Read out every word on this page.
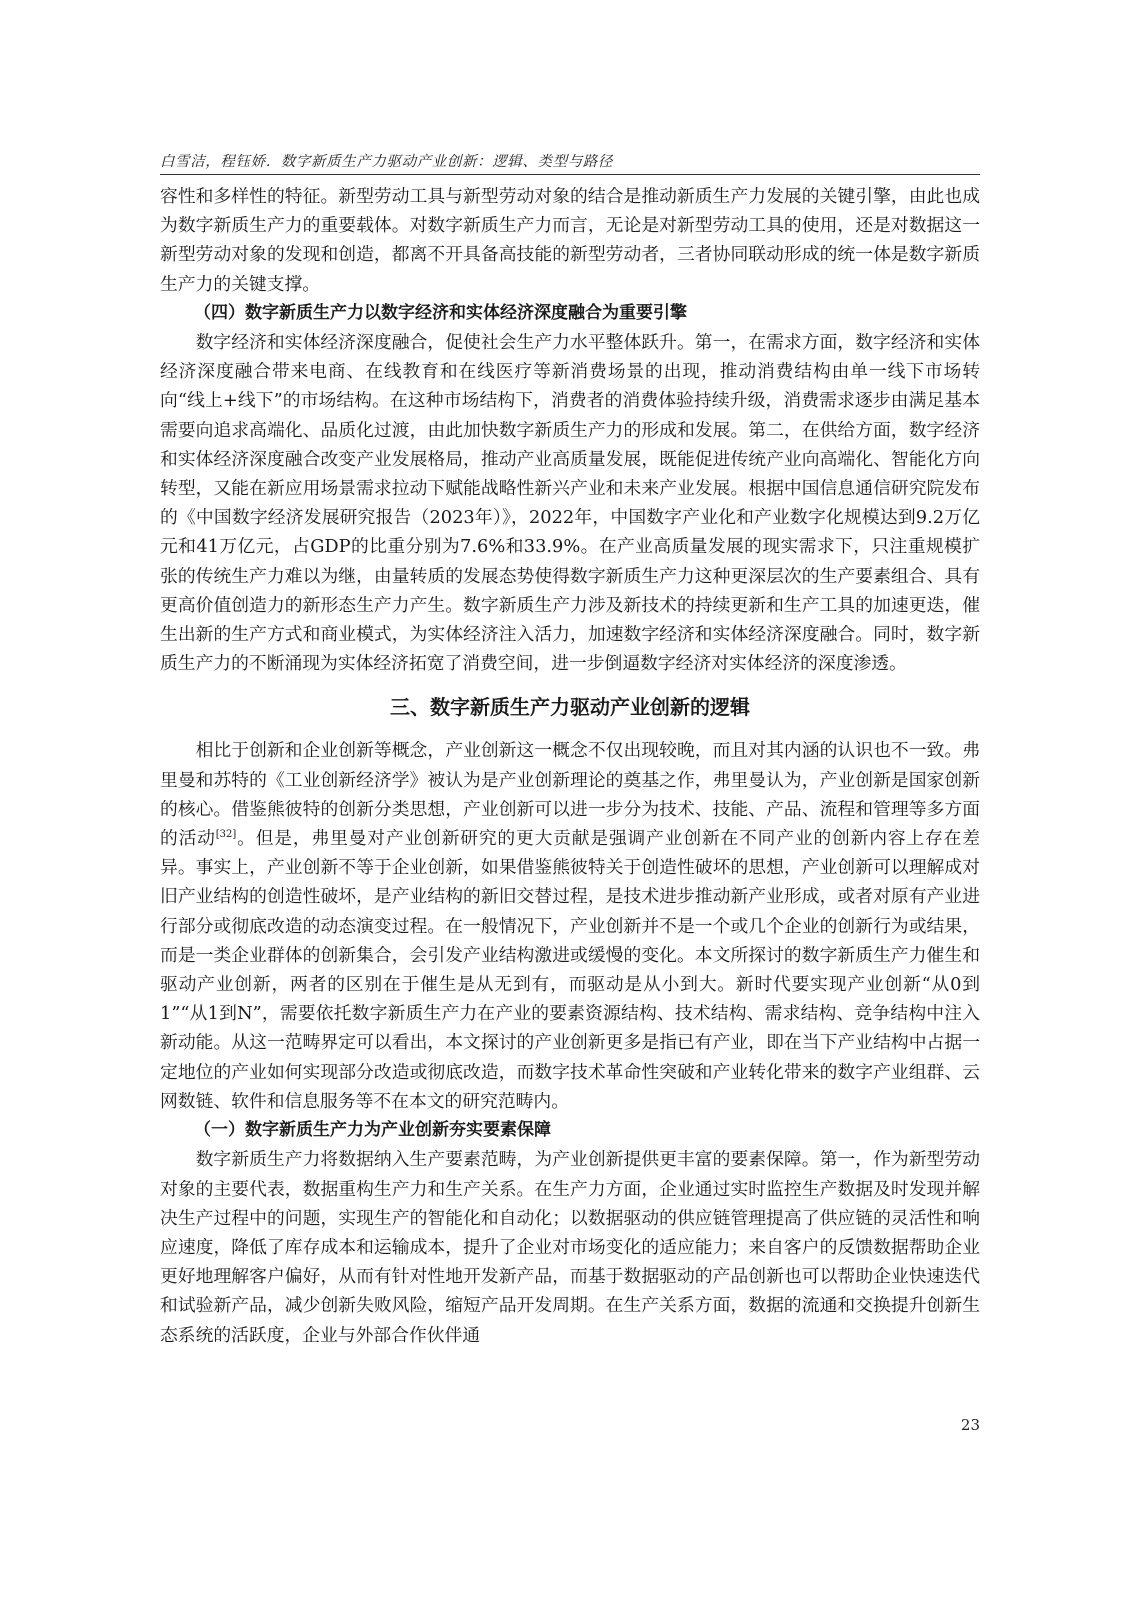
白雪洁，程钰娇．数字新质生产力驱动产业创新：逻辑、类型与路径

容性和多样性的特征。新型劳动工具与新型劳动对象的结合是推动新质生产力发展的关键引擎，由此也成为数字新质生产力的重要载体。对数字新质生产力而言，无论是对新型劳动工具的使用，还是对数据这一新型劳动对象的发现和创造，都离不开具备高技能的新型劳动者，三者协同联动形成的统一体是数字新质生产力的关键支撑。

（四）数字新质生产力以数字经济和实体经济深度融合为重要引擎

数字经济和实体经济深度融合，促使社会生产力水平整体跃升。第一，在需求方面，数字经济和实体经济深度融合带来电商、在线教育和在线医疗等新消费场景的出现，推动消费结构由单一线下市场转向“线上+线下”的市场结构。在这种市场结构下，消费者的消费体验持续升级，消费需求逐步由满足基本需要向追求高端化、品质化过渡，由此加快数字新质生产力的形成和发展。第二，在供给方面，数字经济和实体经济深度融合改变产业发展格局，推动产业高质量发展，既能促进传统产业向高端化、智能化方向转型，又能在新应用场景需求拉动下赋能战略性新兴产业和未来产业发展。根据中国信息通信研究院发布的《中国数字经济发展研究报告（2023年）》，2022年，中国数字产业化和产业数字化规模达到9.2万亿元和41万亿元，占GDP的比重分别为7.6%和33.9%。在产业高质量发展的现实需求下，只注重规模扩张的传统生产力难以为继，由量转质的发展态势使得数字新质生产力这种更深层次的生产要素组合、具有更高价值创造力的新形态生产力产生。数字新质生产力涉及新技术的持续更新和生产工具的加速更迭，催生出新的生产方式和商业模式，为实体经济注入活力，加速数字经济和实体经济深度融合。同时，数字新质生产力的不断涌现为实体经济拓宽了消费空间，进一步倒逼数字经济对实体经济的深度渗透。

三、数字新质生产力驱动产业创新的逻辑

相比于创新和企业创新等概念，产业创新这一概念不仅出现较晚，而且对其内涵的认识也不一致。弗里曼和苏特的《工业创新经济学》被认为是产业创新理论的奠基之作，弗里曼认为，产业创新是国家创新的核心。借鉴熊彼特的创新分类思想，产业创新可以进一步分为技术、技能、产品、流程和管理等多方面的活动[32]。但是，弗里曼对产业创新研究的更大贡献是强调产业创新在不同产业的创新内容上存在差异。事实上，产业创新不等于企业创新，如果借鉴熊彼特关于创造性破坏的思想，产业创新可以理解成对旧产业结构的创造性破坏，是产业结构的新旧交替过程，是技术进步推动新产业形成，或者对原有产业进行部分或彻底改造的动态演变过程。在一般情况下，产业创新并不是一个或几个企业的创新行为或结果，而是一类企业群体的创新集合，会引发产业结构激进或缓慢的变化。本文所探讨的数字新质生产力催生和驱动产业创新，两者的区别在于催生是从无到有，而驱动是从小到大。新时代要实现产业创新“从0到1”“从1到N”，需要依托数字新质生产力在产业的要素资源结构、技术结构、需求结构、竞争结构中注入新动能。从这一范畴界定可以看出，本文探讨的产业创新更多是指已有产业，即在当下产业结构中占据一定地位的产业如何实现部分改造或彻底改造，而数字技术革命性突破和产业转化带来的数字产业组群、云网数链、软件和信息服务等不在本文的研究范畴内。

（一）数字新质生产力为产业创新夯实要素保障

数字新质生产力将数据纳入生产要素范畴，为产业创新提供更丰富的要素保障。第一，作为新型劳动对象的主要代表，数据重构生产力和生产关系。在生产力方面，企业通过实时监控生产数据及时发现并解决生产过程中的问题，实现生产的智能化和自动化；以数据驱动的供应链管理提高了供应链的灵活性和响应速度，降低了库存成本和运输成本，提升了企业对市场变化的适应能力；来自客户的反馈数据帮助企业更好地理解客户偏好，从而有针对性地开发新产品，而基于数据驱动的产品创新也可以帮助企业快速迭代和试验新产品，减少创新失败风险，缩短产品开发周期。在生产关系方面，数据的流通和交换提升创新生态系统的活跃度，企业与外部合作伙伴通

23
